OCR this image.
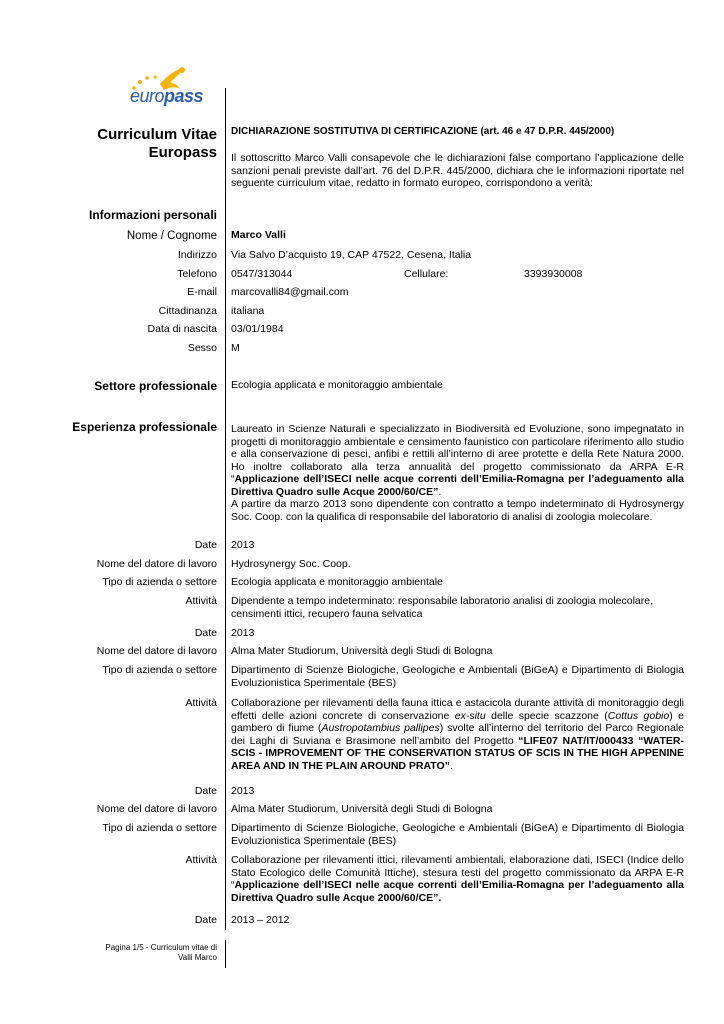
europass
Curriculum Vitae
Europass
DICHIARAZIONE SOSTITUTIVA DI CERTIFICAZIONE (art. 46 e 47 D.P.R. 445/2000)
Il sottoscritto Marco Valli consapevole che le dichiarazioni false comportano l’applicazione delle sanzioni penali previste dall’art. 76 del D.P.R. 445/2000, dichiara che le informazioni riportate nel seguente curriculum vitae, redatto in formato europeo, corrispondono a verità:
Informazioni personali
Nome / Cognome Marco Valli
Indirizzo Via Salvo D’acquisto 19, CAP 47522, Cesena, Italia
Telefono 0547/313044	Cellulare:	3393930008
E-mail marcovalli84@gmail.com
Cittadinanza italiana
Data di nascita 03/01/1984
Sesso M
Settore professionale Ecologia applicata e monitoraggio ambientale
Esperienza professionale Laureato in Scienze Naturali e specializzato in Biodiversità ed Evoluzione, sono impegnatato in progetti di monitoraggio ambientale e censimento faunistico con particolare riferimento allo studio e alla conservazione di pesci, anfibi e rettili all’interno di aree protette e della Rete Natura 2000. Ho inoltre collaborato alla terza annualità del progetto commissionato da ARPA E-R “Applicazione dell’ISECI nelle acque correnti dell’Emilia-Romagna per l’adeguamento alla Direttiva Quadro sulle Acque 2000/60/CE”.
A partire da marzo 2013 sono dipendente con contratto a tempo indeterminato di Hydrosynergy Soc. Coop. con la qualifica di responsabile del laboratorio di analisi di zoologia molecolare.
Date 2013
Nome del datore di lavoro Hydrosynergy Soc. Coop.
Tipo di azienda o settore Ecologia applicata e monitoraggio ambientale
Attività Dipendente a tempo indeterminato: responsabile laboratorio analisi di zoologia molecolare, censimenti ittici, recupero fauna selvatica
Date 2013
Nome del datore di lavoro Alma Mater Studiorum, Università degli Studi di Bologna
Tipo di azienda o settore Dipartimento di Scienze Biologiche, Geologiche e Ambientali (BiGeA) e Dipartimento di Biologia Evoluzionistica Sperimentale (BES)
Attività Collaborazione per rilevamenti della fauna ittica e astacicola durante attività di monitoraggio degli effetti delle azioni concrete di conservazione ex-situ delle specie scazzone (Cottus gobio) e gambero di fiume (Austropotambius pallipes) svolte all’interno del territorio del Parco Regionale dei Laghi di Suviana e Brasimone nell’ambito del Progetto “LIFE07 NAT/IT/000433 “WATER-SCIS - IMPROVEMENT OF THE CONSERVATION STATUS OF SCIS IN THE HIGH APPENINE AREA AND IN THE PLAIN AROUND PRATO”.
Date 2013
Nome del datore di lavoro Alma Mater Studiorum, Università degli Studi di Bologna
Tipo di azienda o settore Dipartimento di Scienze Biologiche, Geologiche e Ambientali (BiGeA) e Dipartimento di Biologia Evoluzionistica Sperimentale (BES)
Attività Collaborazione per rilevamenti ittici, rilevamenti ambientali, elaborazione dati, ISECI (Indice dello Stato Ecologico delle Comunità Ittiche), stesura testi del progetto commissionato da ARPA E-R “Applicazione dell’ISECI nelle acque correnti dell’Emilia-Romagna per l’adeguamento alla Direttiva Quadro sulle Acque 2000/60/CE”.
Date 2013 – 2012
Pagina 1/5 - Curriculum vitae di
Valli Marco
